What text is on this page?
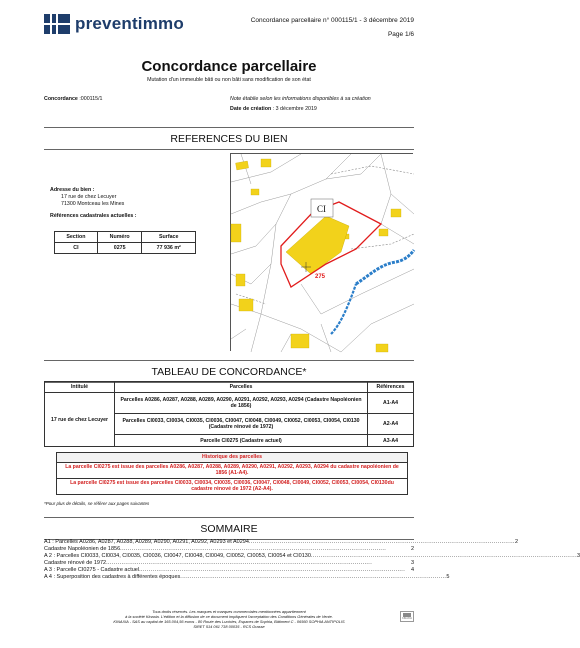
preventimmo	Concordance parcellaire n° 000115/1 - 3 décembre 2019
Page 1/6
Concordance parcellaire
Mutation d'un immeuble bâti ou non bâti sans modification de son état
Concordance :000115/1	Note établie selon les informations disponibles à sa création
Date de création : 3 décembre 2019
REFERENCES DU BIEN
Adresse du bien :
17 rue de chez Lecuyer
71300 Montceau les Mines
Références cadastrales actuelles :
Section	Numéro	Surface
CI	0275	77 936 m²
CI
275
TABLEAU DE CONCORDANCE*
Intitulé	Parcelles	Références
17 rue de chez Lecuyer	Parcelles A0286, A0287, A0288, A0289, A0290, A0291, A0292, A0293, A0294 (Cadastre Napoléonien de 1856)	A1-A4
	Parcelles CI0033, CI0034, CI0035, CI0036, CI0047, CI0048, CI0049, CI0052, CI0053, CI0054, CI0130 (Cadastre rénové de 1972)	A2-A4
	Parcelle CI0275 (Cadastre actuel)	A3-A4
Historique des parcelles
La parcelle CI0275 est issue des parcelles A0286, A0287, A0288, A0289, A0290, A0291, A0292, A0293, A0294 du cadastre napoléonien de 1856 (A1-A4).
La parcelle CI0275 est issue des parcelles CI0033, CI0034, CI0035, CI0036, CI0047, CI0048, CI0049, CI0052, CI0053, CI0054, CI0130du cadastre rénové de 1972 (A2-A4).
*Pour plus de détails, se référer aux pages suivantes
SOMMAIRE
A1 : Parcelles A0286, A0287, A0288, A0289, A0290, A0291, A0292, A0293 et A0294 .......................................................................................................................................... 2
Cadastre Napoléonien de 1856 ..........................................................................................................................................	2
A 2 : Parcelles CI0033, CI0034, CI0035, CI0036, CI0047, CI0048, CI0049, CI0052, CI0053, CI0054 et CI0130 .......................................................................................................................................... 3
Cadastre rénové de 1972 ..........................................................................................................................................	3
A 3 : Parcelle CI0275 - Cadastre actuel ..........................................................................................................................................	4
A 4 : Superposition des cadastres à différentes époques .......................................................................................................................................... 5
Tous droits réservés. Les marques et marques commerciales mentionnées appartiennent
à la société Kinaxia. L'édition et la diffusion de ce document impliquent l'acceptation des Conditions Générales de Vente.
KINAXIA - SAS au capital de 165.004,56 euros - 80 Route des Lucioles, Espaces de Sophia, Bâtiment C - 06560 SOPHIA ANTIPOLIS
SIRET 514 061 738 00035 - RCS Grasse
KINAXIA
